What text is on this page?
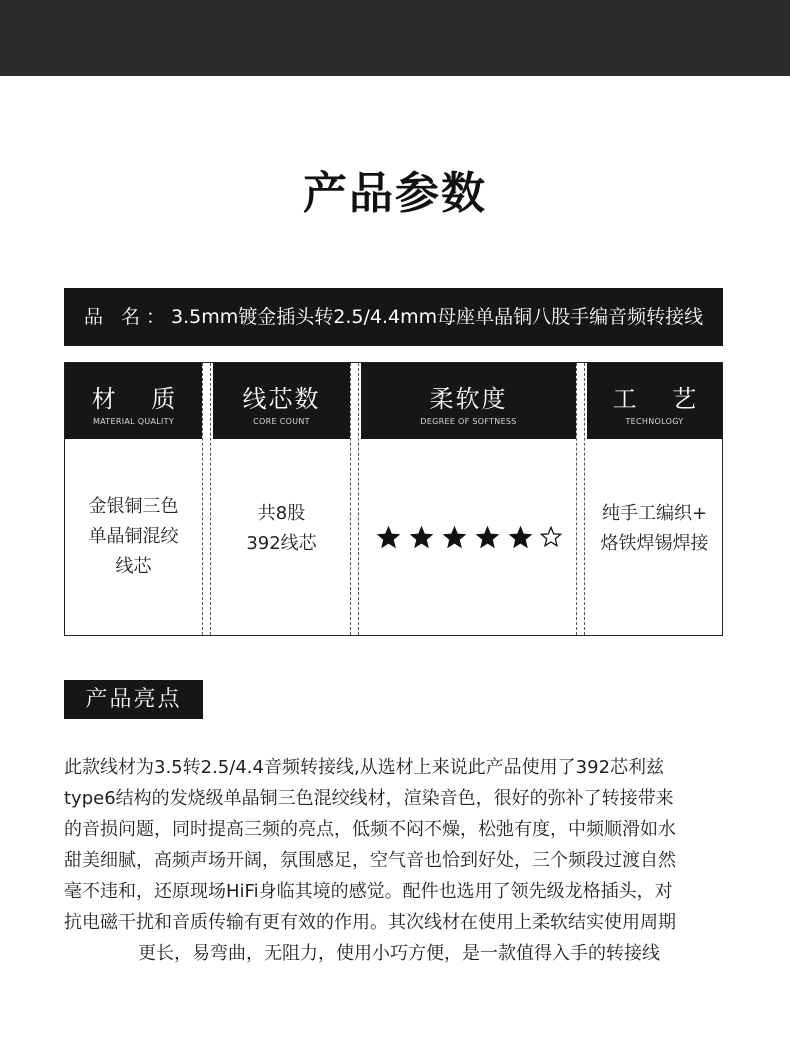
产品参数
品 名：3.5mm镀金插头转2.5/4.4mm母座单晶铜八股手编音频转接线
材 质
MATERIAL QUALITY
金银铜三色
单晶铜混绞
线芯
线芯数
CORE COUNT
共8股
392线芯
柔软度
DEGREE OF SOFTNESS
工 艺
TECHNOLOGY
纯手工编织+
烙铁焊锡焊接
产品亮点
此款线材为3.5转2.5/4.4音频转接线,从选材上来说此产品使用了392芯利兹
type6结构的发烧级单晶铜三色混绞线材，渲染音色，很好的弥补了转接带来
的音损问题，同时提高三频的亮点，低频不闷不燥，松弛有度，中频顺滑如水
甜美细腻，高频声场开阔，氛围感足，空气音也恰到好处，三个频段过渡自然
毫不违和，还原现场HiFi身临其境的感觉。配件也选用了领先级龙格插头，对
抗电磁干扰和音质传输有更有效的作用。其次线材在使用上柔软结实使用周期
更长，易弯曲，无阻力，使用小巧方便，是一款值得入手的转接线
